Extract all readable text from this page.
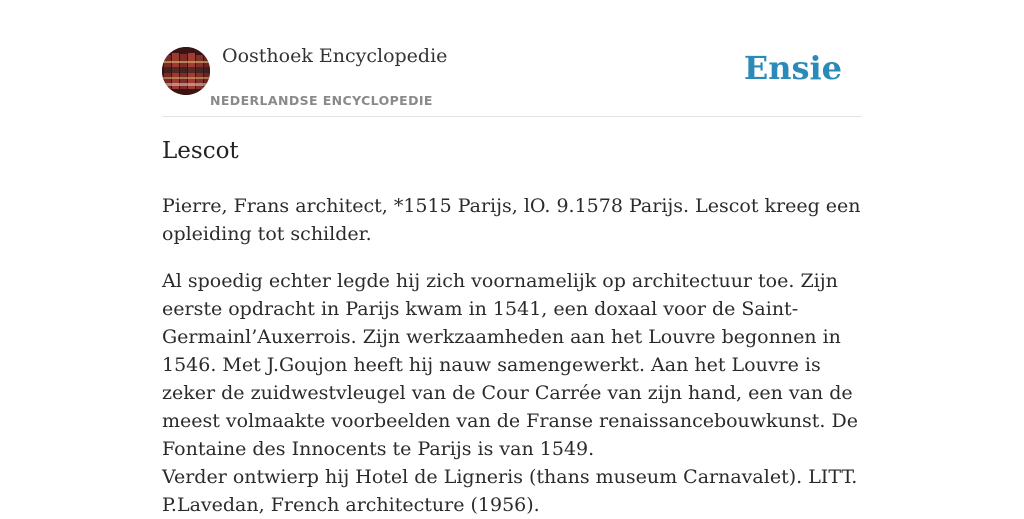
Oosthoek Encyclopedie
NEDERLANDSE ENCYCLOPEDIE
Ensie
Lescot

Pierre, Frans architect, *1515 Parijs, lO. 9.1578 Parijs. Lescot kreeg een opleiding tot schilder.

Al spoedig echter legde hij zich voornamelijk op architectuur toe. Zijn eerste opdracht in Parijs kwam in 1541, een doxaal voor de Saint-Germainl’Auxerrois. Zijn werkzaamheden aan het Louvre begonnen in 1546. Met J.Goujon heeft hij nauw samengewerkt. Aan het Louvre is zeker de zuidwestvleugel van de Cour Carrée van zijn hand, een van de meest volmaakte voorbeelden van de Franse renaissancebouwkunst. De Fontaine des Innocents te Parijs is van 1549.

Verder ontwierp hij Hotel de Ligneris (thans museum Carnavalet). LITT. P.Lavedan, French architecture (1956).
